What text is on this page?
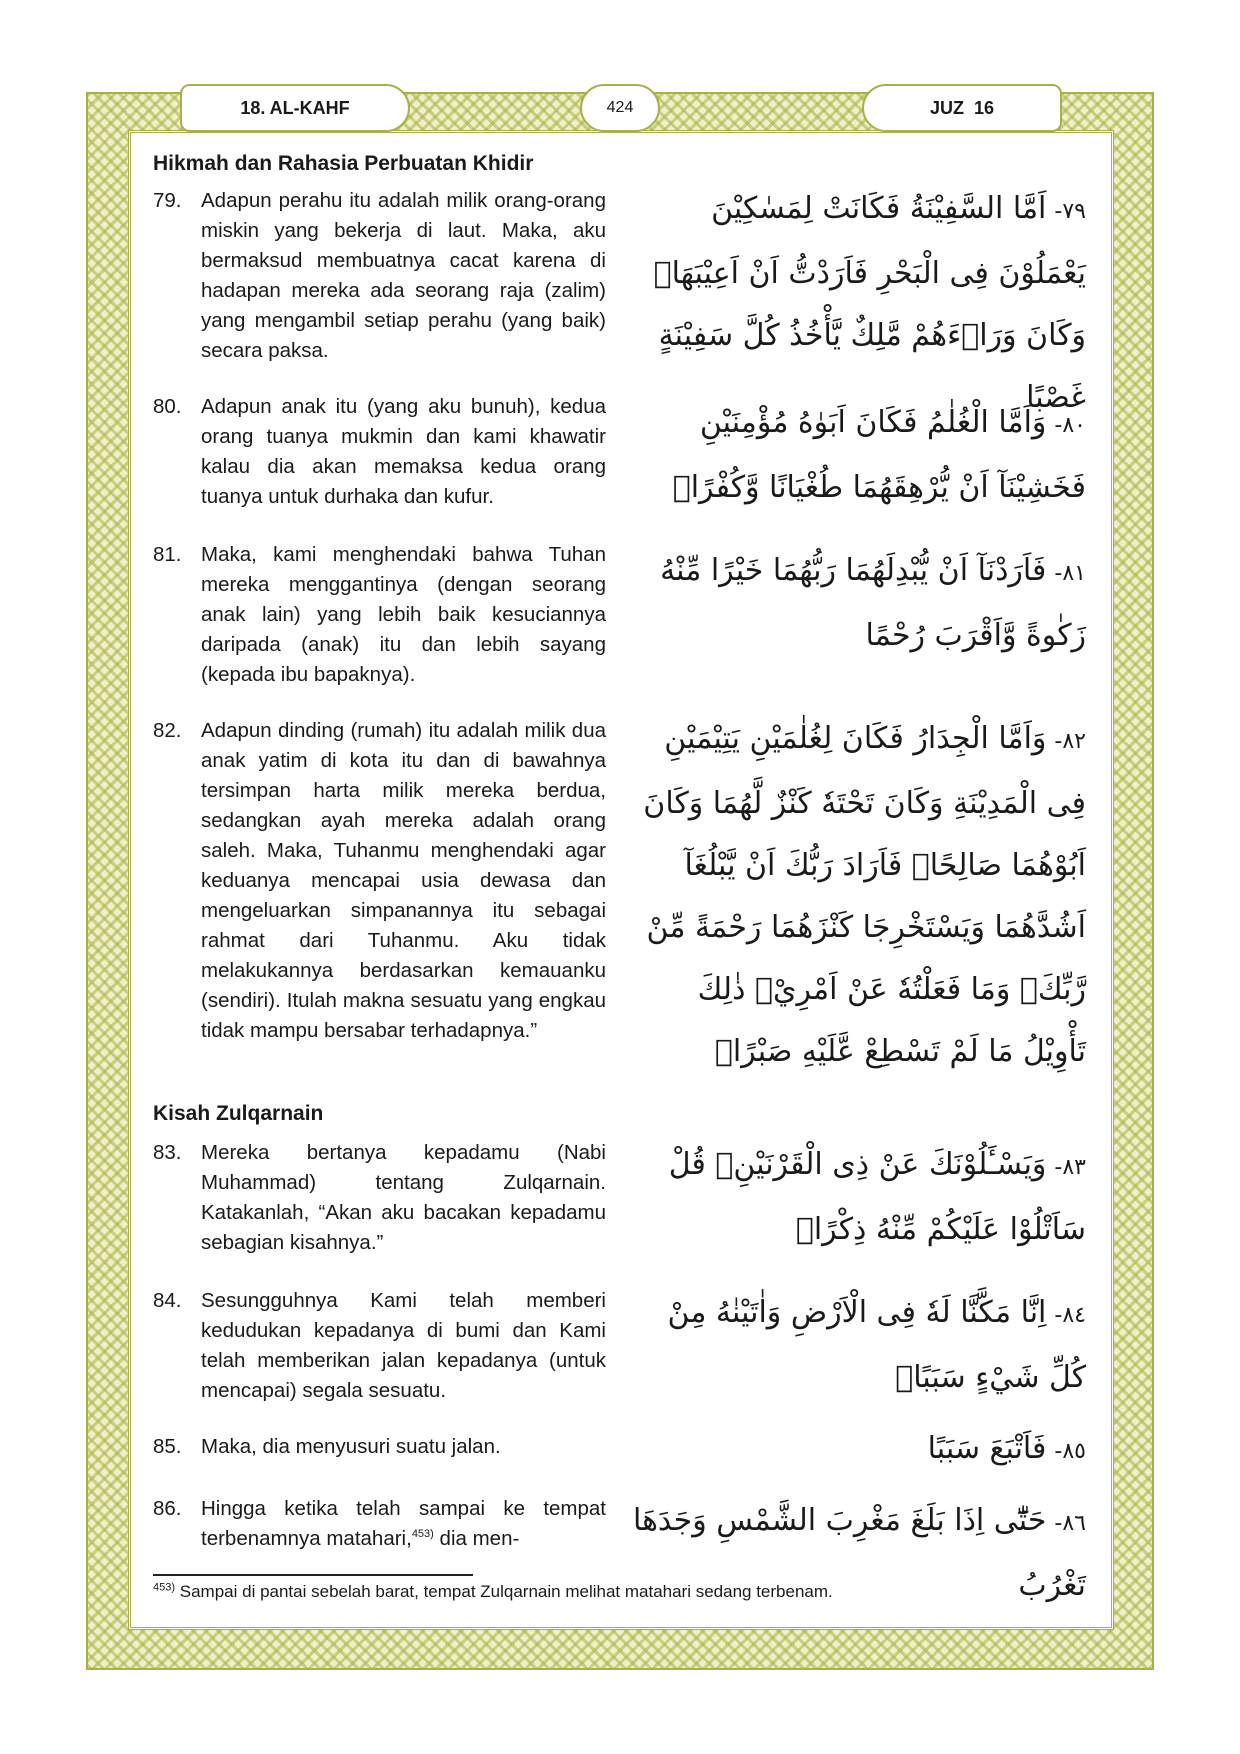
18. AL-KAHF	424	JUZ  16
Hikmah dan Rahasia Perbuatan Khidir
79. Adapun perahu itu adalah milik orang-orang miskin yang bekerja di laut. Maka, aku bermaksud membuatnya cacat karena di hadapan mereka ada seorang raja (zalim) yang mengambil setiap perahu (yang baik) secara paksa.
٧٩-اَمَّا السَّفِيْنَةُ فَكَانَتْ لِمَسٰكِيْنَ يَعْمَلُوْنَ فِى الْبَحْرِ فَاَرَدْتُّ اَنْ اَعِيْبَهَاۗ وَكَانَ وَرَاۤءَهُمْ مَّلِكٌ يَّأْخُذُ كُلَّ سَفِيْنَةٍ غَصْبًا
80. Adapun anak itu (yang aku bunuh), kedua orang tuanya mukmin dan kami khawatir kalau dia akan memaksa kedua orang tuanya untuk durhaka dan kufur.
٨٠-وَاَمَّا الْغُلٰمُ فَكَانَ اَبَوٰهُ مُؤْمِنَيْنِ فَخَشِيْنَآ اَنْ يُّرْهِقَهُمَا طُغْيَانًا وَّكُفْرًاۚ
81. Maka, kami menghendaki bahwa Tuhan mereka menggantinya (dengan seorang anak lain) yang lebih baik kesuciannya daripada (anak) itu dan lebih sayang (kepada ibu bapaknya).
٨١-فَاَرَدْنَآ اَنْ يُّبْدِلَهُمَا رَبُّهُمَا خَيْرًا مِّنْهُ زَكٰوةً وَّاَقْرَبَ رُحْمًا
82. Adapun dinding (rumah) itu adalah milik dua anak yatim di kota itu dan di bawahnya tersimpan harta milik mereka berdua, sedangkan ayah mereka adalah orang saleh. Maka, Tuhanmu menghendaki agar keduanya mencapai usia dewasa dan mengeluarkan simpanannya itu sebagai rahmat dari Tuhanmu. Aku tidak melakukannya berdasarkan kemauanku (sendiri). Itulah makna sesuatu yang engkau tidak mampu bersabar terhadapnya.”
٨٢-وَاَمَّا الْجِدَارُ فَكَانَ لِغُلٰمَيْنِ يَتِيْمَيْنِ فِى الْمَدِيْنَةِ وَكَانَ تَحْتَهٗ كَنْزٌ لَّهُمَا وَكَانَ اَبُوْهُمَا صَالِحًاۚ فَاَرَادَ رَبُّكَ اَنْ يَّبْلُغَآ اَشُدَّهُمَا وَيَسْتَخْرِجَا كَنْزَهُمَا رَحْمَةً مِّنْ رَّبِّكَۚ وَمَا فَعَلْتُهٗ عَنْ اَمْرِيْۗ ذٰلِكَ تَأْوِيْلُ مَا لَمْ تَسْطِعْ عَّلَيْهِ صَبْرًاۗ
Kisah Zulqarnain
83. Mereka bertanya kepadamu (Nabi Muhammad) tentang Zulqarnain. Katakanlah, “Akan aku bacakan kepadamu sebagian kisahnya.”
٨٣-وَيَسْـَٔلُوْنَكَ عَنْ ذِى الْقَرْنَيْنِۗ قُلْ سَاَتْلُوْا عَلَيْكُمْ مِّنْهُ ذِكْرًاۗ
84. Sesungguhnya Kami telah memberi kedudukan kepadanya di bumi dan Kami telah memberikan jalan kepadanya (untuk mencapai) segala sesuatu.
٨٤-اِنَّا مَكَّنَّا لَهٗ فِى الْاَرْضِ وَاٰتَيْنٰهُ مِنْ كُلِّ شَيْءٍ سَبَبًاۙ
85. Maka, dia menyusuri suatu jalan.	٨٥-فَاَتْبَعَ سَبَبًا
86. Hingga ketika telah sampai ke tempat terbenamnya matahari,$^{453)}$ dia men-
٨٦-حَتّٰٓى اِذَا بَلَغَ مَغْرِبَ الشَّمْسِ وَجَدَهَا تَغْرُبُ
$^{453)}$ Sampai di pantai sebelah barat, tempat Zulqarnain melihat matahari sedang terbenam.
